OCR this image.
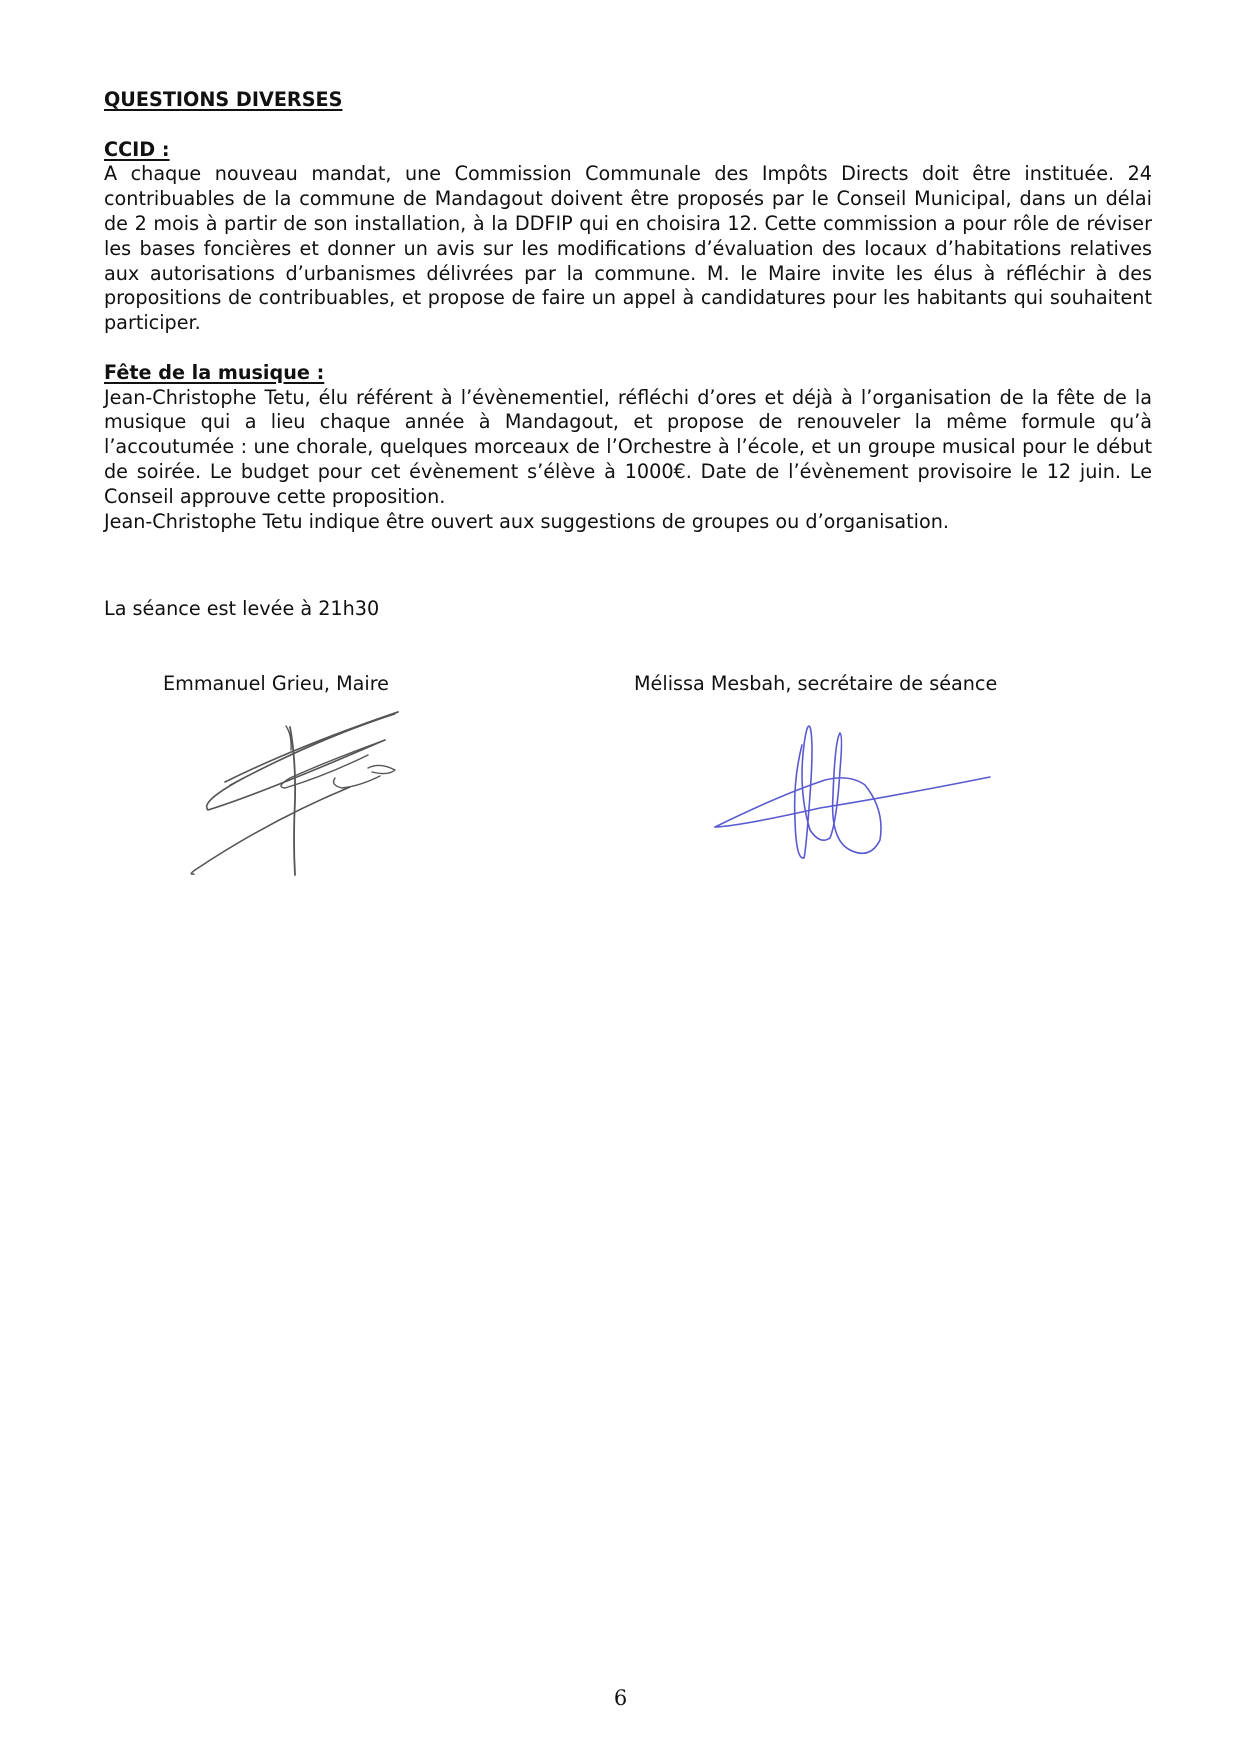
QUESTIONS DIVERSES

CCID :

A chaque nouveau mandat, une Commission Communale des Impôts Directs doit être instituée. 24 contribuables de la commune de Mandagout doivent être proposés par le Conseil Municipal, dans un délai de 2 mois à partir de son installation, à la DDFIP qui en choisira 12. Cette commission a pour rôle de réviser les bases foncières et donner un avis sur les modifications d’évaluation des locaux d’habitations relatives aux autorisations d’urbanismes délivrées par la commune. M. le Maire invite les élus à réfléchir à des propositions de contribuables, et propose de faire un appel à candidatures pour les habitants qui souhaitent participer.

Fête de la musique :

Jean-Christophe Tetu, élu référent à l’évènementiel, réfléchi d’ores et déjà à l’organisation de la fête de la musique qui a lieu chaque année à Mandagout, et propose de renouveler la même formule qu’à l’accoutumée : une chorale, quelques morceaux de l’Orchestre à l’école, et un groupe musical pour le début de soirée. Le budget pour cet évènement s’élève à 1000€. Date de l’évènement provisoire le 12 juin. Le Conseil approuve cette proposition.

Jean-Christophe Tetu indique être ouvert aux suggestions de groupes ou d’organisation.

La séance est levée à 21h30

Emmanuel Grieu, Maire	Mélissa Mesbah, secrétaire de séance

6
